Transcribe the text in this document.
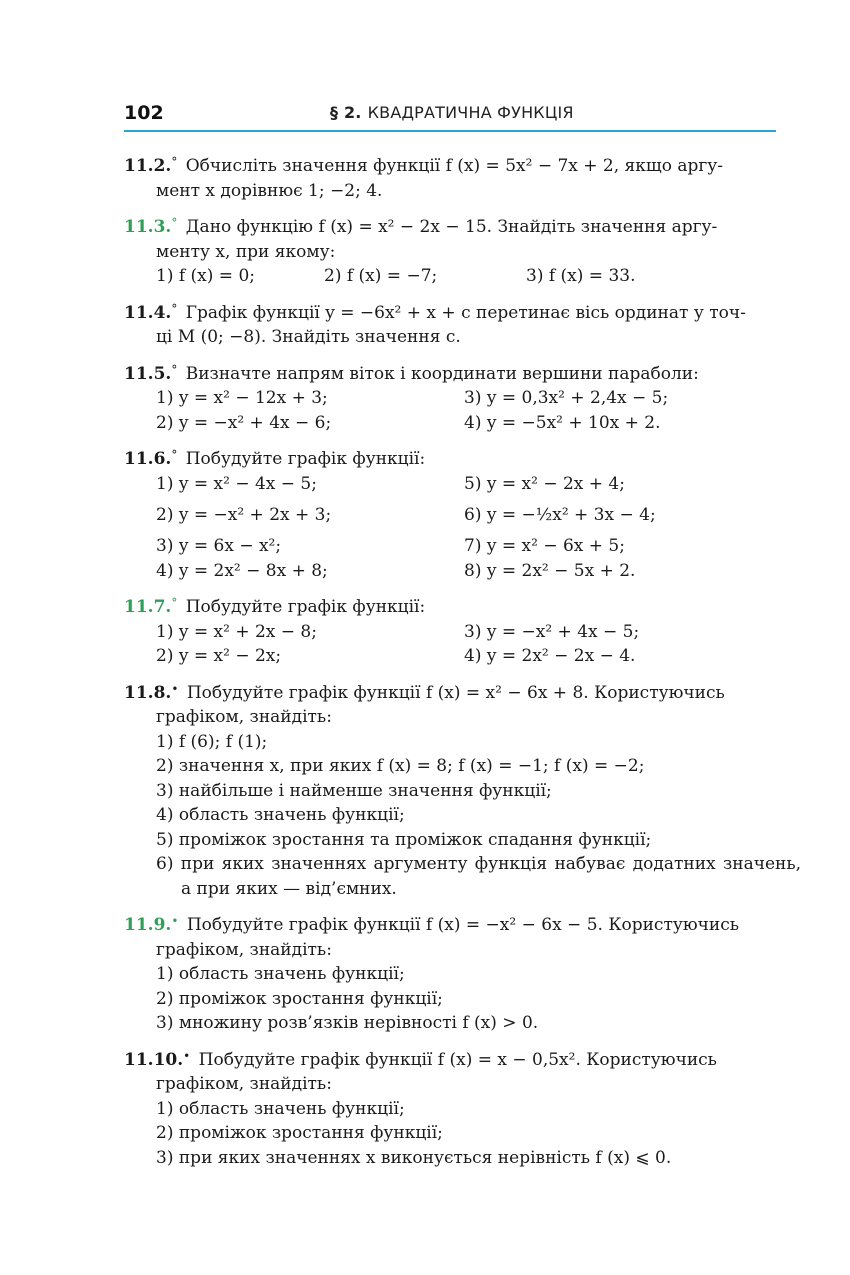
102	§ 2. КВАДРАТИЧНА ФУНКЦІЯ
11.2.° Обчисліть значення функції f (x) = 5x² − 7x + 2, якщо аргу-
мент x дорівнює 1; −2; 4.
11.3.° Дано функцію f (x) = x² − 2x − 15. Знайдіть значення аргу-
менту x, при якому:
1) f (x) = 0;	2) f (x) = −7;	3) f (x) = 33.
11.4.° Графік функції y = −6x² + x + c перетинає вісь ординат у точ-
ці M (0; −8). Знайдіть значення c.
11.5.° Визначте напрям віток і координати вершини параболи:
1) y = x² − 12x + 3;	3) y = 0,3x² + 2,4x − 5;
2) y = −x² + 4x − 6;	4) y = −5x² + 10x + 2.
11.6.° Побудуйте графік функції:
1) y = x² − 4x − 5;	5) y = x² − 2x + 4;
2) y = −x² + 2x + 3;	6) y = −½x² + 3x − 4;
3) y = 6x − x²;	7) y = x² − 6x + 5;
4) y = 2x² − 8x + 8;	8) y = 2x² − 5x + 2.
11.7.° Побудуйте графік функції:
1) y = x² + 2x − 8;	3) y = −x² + 4x − 5;
2) y = x² − 2x;	4) y = 2x² − 2x − 4.
11.8.• Побудуйте графік функції f (x) = x² − 6x + 8. Користуючись
графіком, знайдіть:
1) f (6); f (1);
2) значення x, при яких f (x) = 8; f (x) = −1; f (x) = −2;
3) найбільше і найменше значення функції;
4) область значень функції;
5) проміжок зростання та проміжок спадання функції;
6) при яких значеннях аргументу функція набуває додатних значень, а при яких — від’ємних.
11.9.• Побудуйте графік функції f (x) = −x² − 6x − 5. Користуючись
графіком, знайдіть:
1) область значень функції;
2) проміжок зростання функції;
3) множину розв’язків нерівності f (x) > 0.
11.10.• Побудуйте графік функції f (x) = x − 0,5x². Користуючись
графіком, знайдіть:
1) область значень функції;
2) проміжок зростання функції;
3) при яких значеннях x виконується нерівність f (x) ⩽ 0.
